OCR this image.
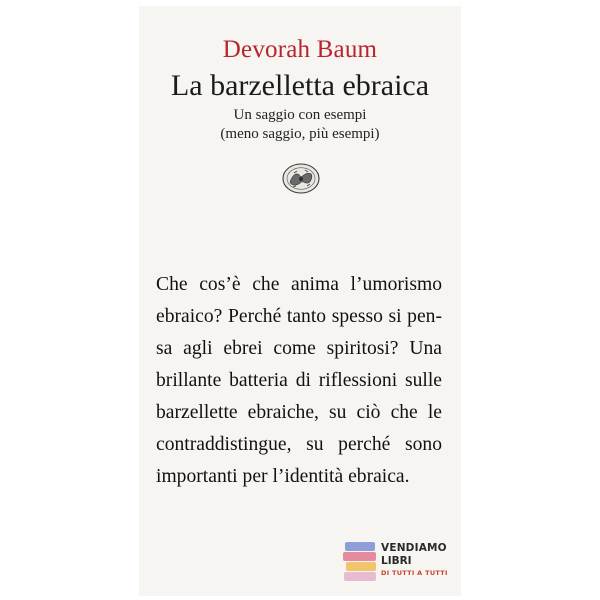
Devorah Baum
La barzelletta ebraica
Un saggio con esempi
(meno saggio, più esempi)
Che cos’è che anima l’umorismo
ebraico? Perché tanto spesso si pen-
sa agli ebrei come spiritosi? Una
brillante batteria di riflessioni sulle
barzellette ebraiche, su ciò che le
contraddistingue, su perché sono
importanti per l’identità ebraica.
VENDIAMO
LIBRI
DI TUTTI A TUTTI
